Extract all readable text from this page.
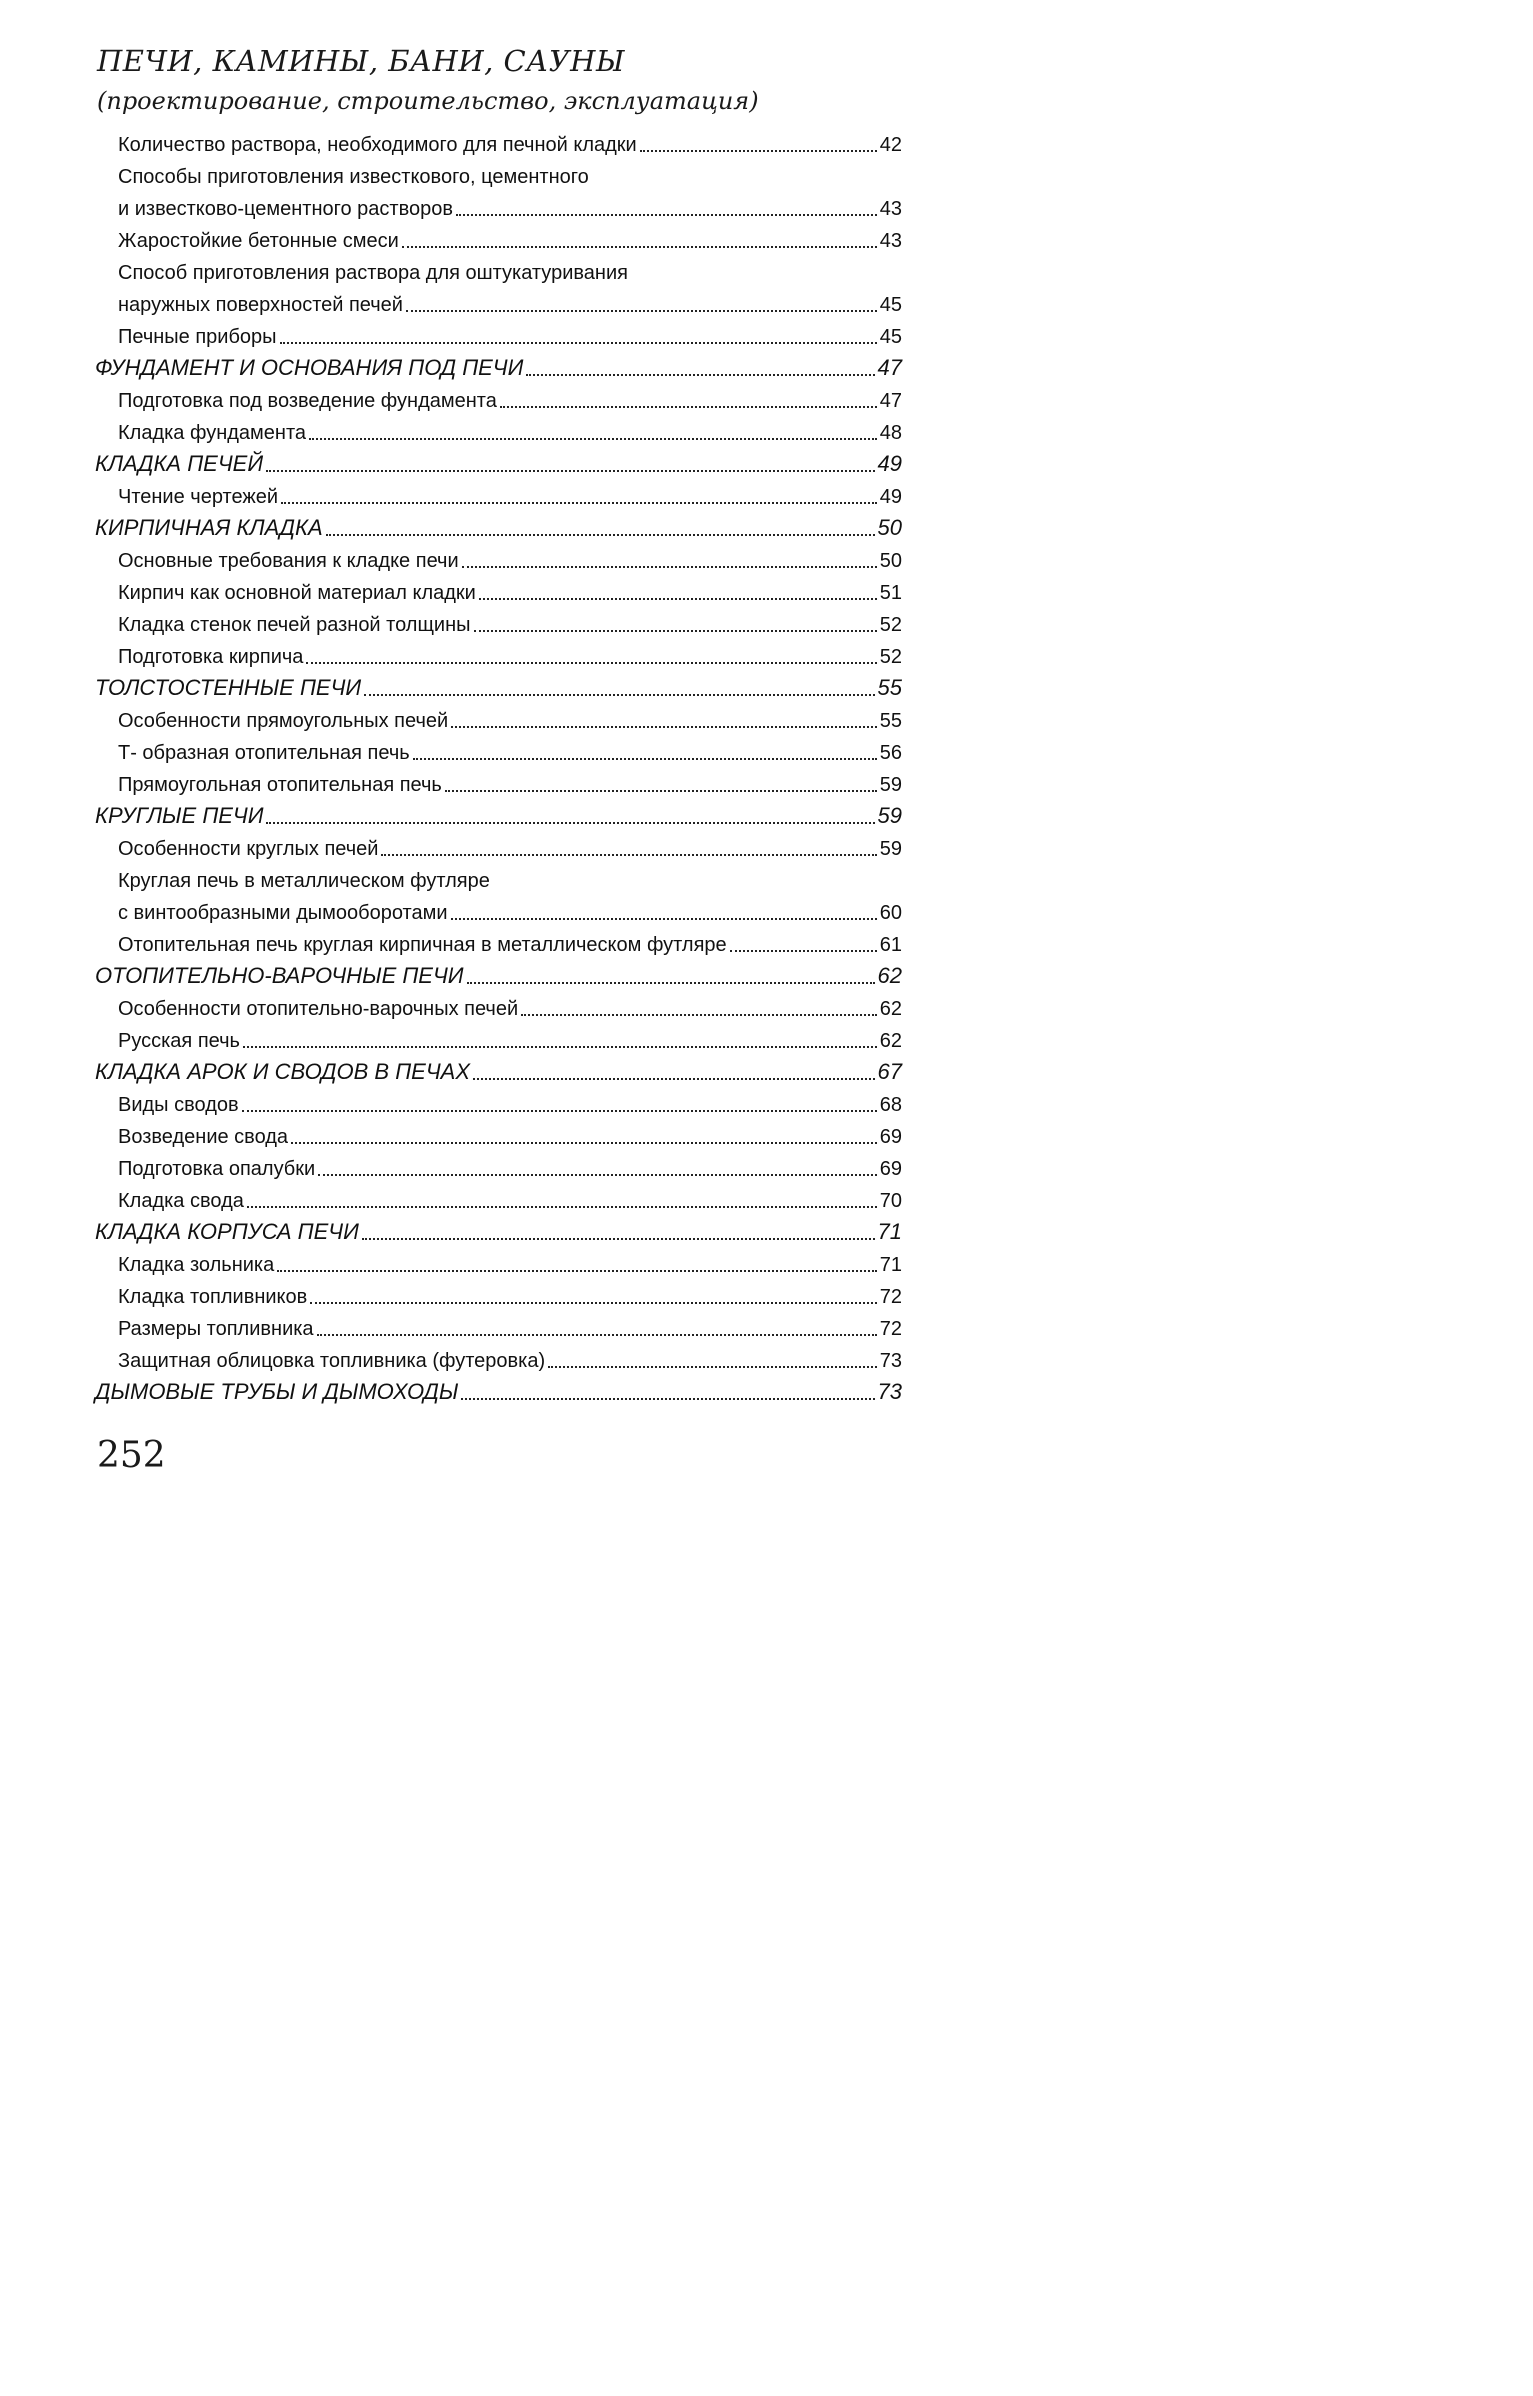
ПЕЧИ, КАМИНЫ, БАНИ, САУНЫ
(проектирование, строительство, эксплуатация)
Количество раствора, необходимого для печной кладки	42
Способы приготовления известкового, цементного
и известково-цементного растворов	43
Жаростойкие бетонные смеси	43
Способ приготовления раствора для оштукатуривания
наружных поверхностей печей	45
Печные приборы	45
ФУНДАМЕНТ И ОСНОВАНИЯ ПОД ПЕЧИ	47
Подготовка под возведение фундамента	47
Кладка фундамента	48
КЛАДКА ПЕЧЕЙ	49
Чтение чертежей	49
КИРПИЧНАЯ КЛАДКА	50
Основные требования к кладке печи	50
Кирпич как основной материал кладки	51
Кладка стенок печей разной толщины	52
Подготовка кирпича	52
ТОЛСТОСТЕННЫЕ ПЕЧИ	55
Особенности прямоугольных печей	55
Т- образная отопительная печь	56
Прямоугольная отопительная печь	59
КРУГЛЫЕ ПЕЧИ	59
Особенности круглых печей	59
Круглая печь в металлическом футляре
с винтообразными дымооборотами	60
Отопительная печь круглая кирпичная в металлическом футляре	61
ОТОПИТЕЛЬНО-ВАРОЧНЫЕ ПЕЧИ	62
Особенности отопительно-варочных печей	62
Русская печь	62
КЛАДКА АРОК И СВОДОВ В ПЕЧАХ	67
Виды сводов	68
Возведение свода	69
Подготовка опалубки	69
Кладка свода	70
КЛАДКА КОРПУСА ПЕЧИ	71
Кладка зольника	71
Кладка топливников	72
Размеры топливника	72
Защитная облицовка топливника (футеровка)	73
ДЫМОВЫЕ ТРУБЫ И ДЫМОХОДЫ	73
252
